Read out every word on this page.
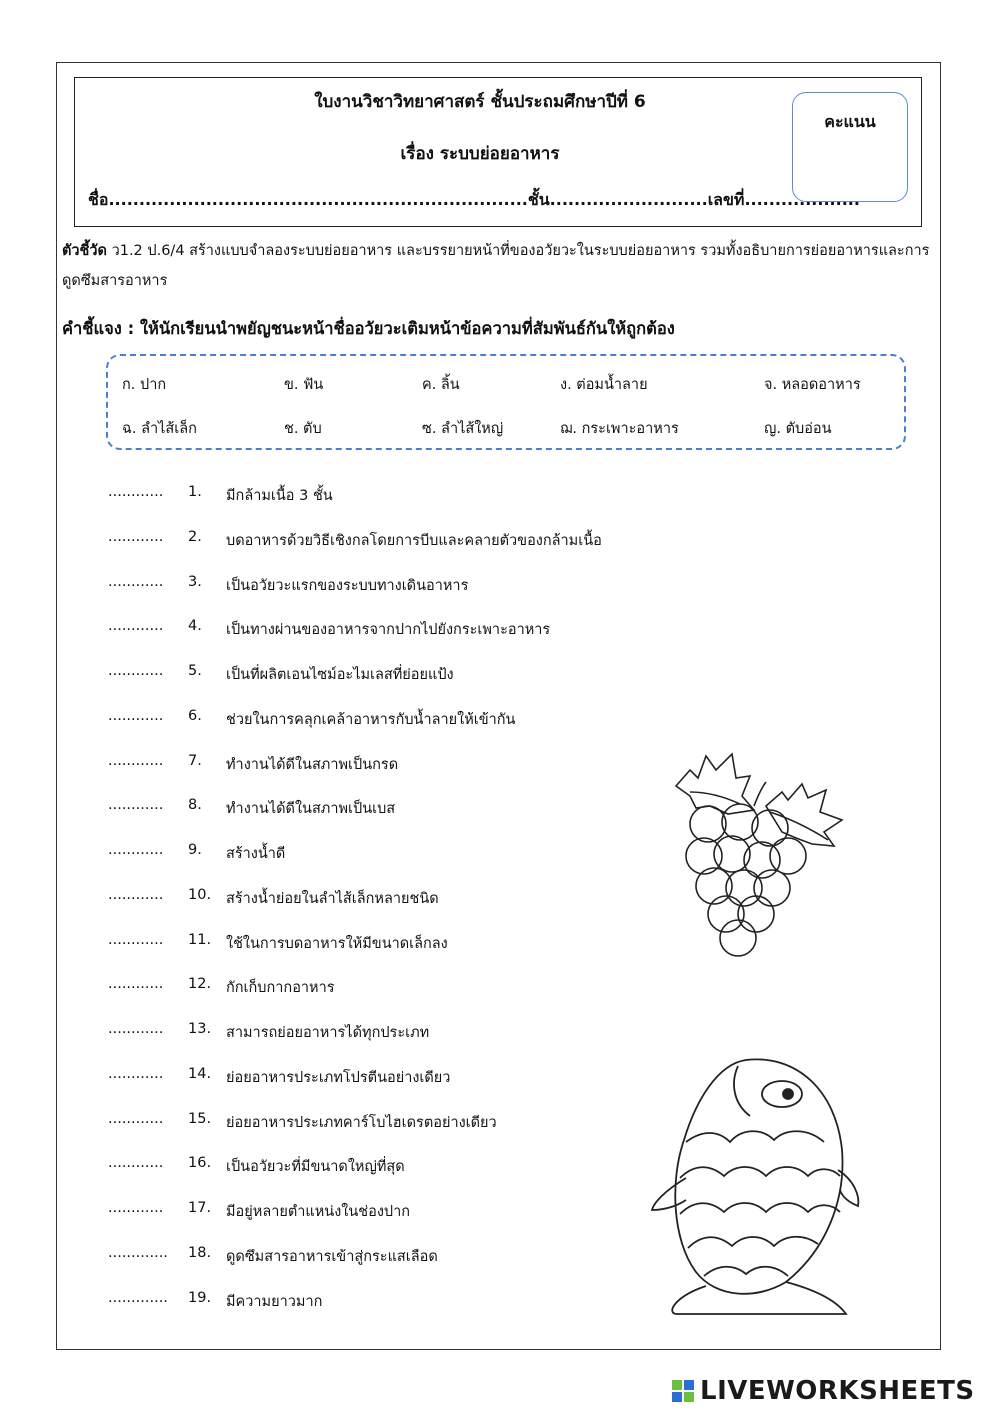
ใบงานวิชาวิทยาศาสตร์ ชั้นประถมศึกษาปีที่ 6
เรื่อง ระบบย่อยอาหาร
ชื่อ.....................................................................ชั้น..........................เลขที่...................
คะแนน
ตัวชี้วัด ว1.2 ป.6/4 สร้างแบบจำลองระบบย่อยอาหาร และบรรยายหน้าที่ของอวัยวะในระบบย่อยอาหาร รวมทั้งอธิบายการย่อยอาหารและการดูดซึมสารอาหาร
คำชี้แจง : ให้นักเรียนนำพยัญชนะหน้าชื่ออวัยวะเติมหน้าข้อความที่สัมพันธ์กันให้ถูกต้อง
ก. ปาก	ข. ฟัน	ค. ลิ้น	ง. ต่อมน้ำลาย	จ. หลอดอาหาร
ฉ. ลำไส้เล็ก	ช. ตับ	ซ. ลำไส้ใหญ่	ฌ. กระเพาะอาหาร	ญ. ตับอ่อน
............	1.	มีกล้ามเนื้อ 3 ชั้น
............	2.	บดอาหารด้วยวิธีเชิงกลโดยการบีบและคลายตัวของกล้ามเนื้อ
............	3.	เป็นอวัยวะแรกของระบบทางเดินอาหาร
............	4.	เป็นทางผ่านของอาหารจากปากไปยังกระเพาะอาหาร
............	5.	เป็นที่ผลิตเอนไซม์อะไมเลสที่ย่อยแป้ง
............	6.	ช่วยในการคลุกเคล้าอาหารกับน้ำลายให้เข้ากัน
............	7.	ทำงานได้ดีในสภาพเป็นกรด
............	8.	ทำงานได้ดีในสภาพเป็นเบส
............	9.	สร้างน้ำดี
............	10.	สร้างน้ำย่อยในลำไส้เล็กหลายชนิด
............	11.	ใช้ในการบดอาหารให้มีขนาดเล็กลง
............	12.	กักเก็บกากอาหาร
............	13.	สามารถย่อยอาหารได้ทุกประเภท
............	14.	ย่อยอาหารประเภทโปรตีนอย่างเดียว
............	15.	ย่อยอาหารประเภทคาร์โบไฮเดรตอย่างเดียว
............	16.	เป็นอวัยวะที่มีขนาดใหญ่ที่สุด
............	17.	มีอยู่หลายตำแหน่งในช่องปาก
.............	18.	ดูดซึมสารอาหารเข้าสู่กระแสเลือด
.............	19.	มีความยาวมาก
LIVEWORKSHEETS
